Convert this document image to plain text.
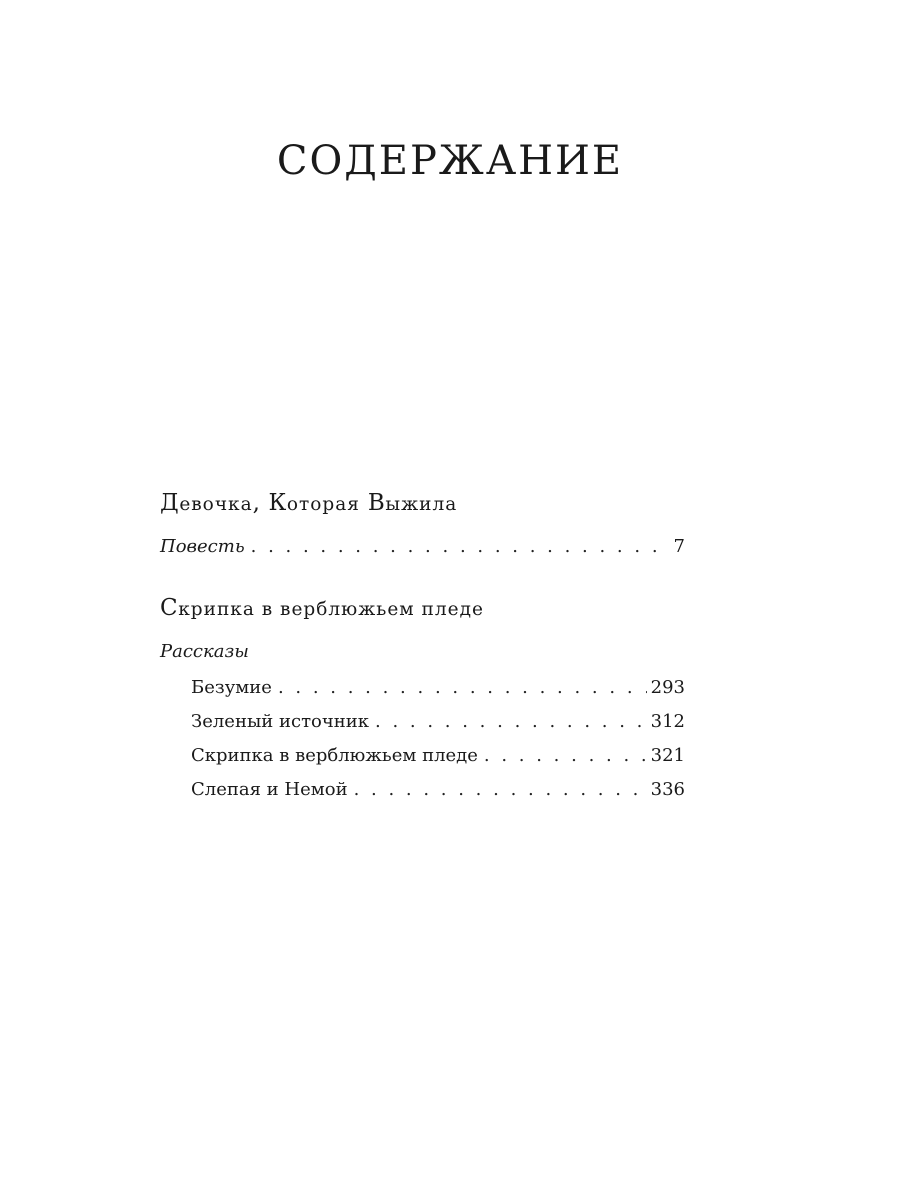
СОДЕРЖАНИЕ
Девочка, Которая Выжила
Повесть . . .	7
Скрипка в верблюжьем пледе
Рассказы
Безумие . . .	293
Зеленый источник . . .	312
Скрипка в верблюжьем пледе . . .	321
Слепая и Немой . . .	336
